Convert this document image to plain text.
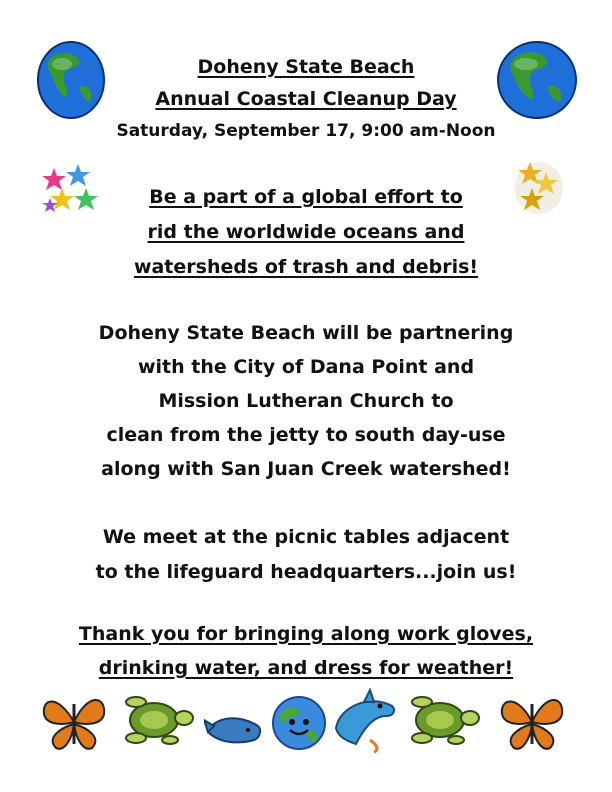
Doheny State Beach
Annual Coastal Cleanup Day
Saturday, September 17, 9:00 am-Noon
Be a part of a global effort to
rid the worldwide oceans and
watersheds of trash and debris!
Doheny State Beach will be partnering
with the City of Dana Point and
Mission Lutheran Church to
clean from the jetty to south day-use
along with San Juan Creek watershed!
We meet at the picnic tables adjacent
to the lifeguard headquarters...join us!
Thank you for bringing along work gloves,
drinking water, and dress for weather!
